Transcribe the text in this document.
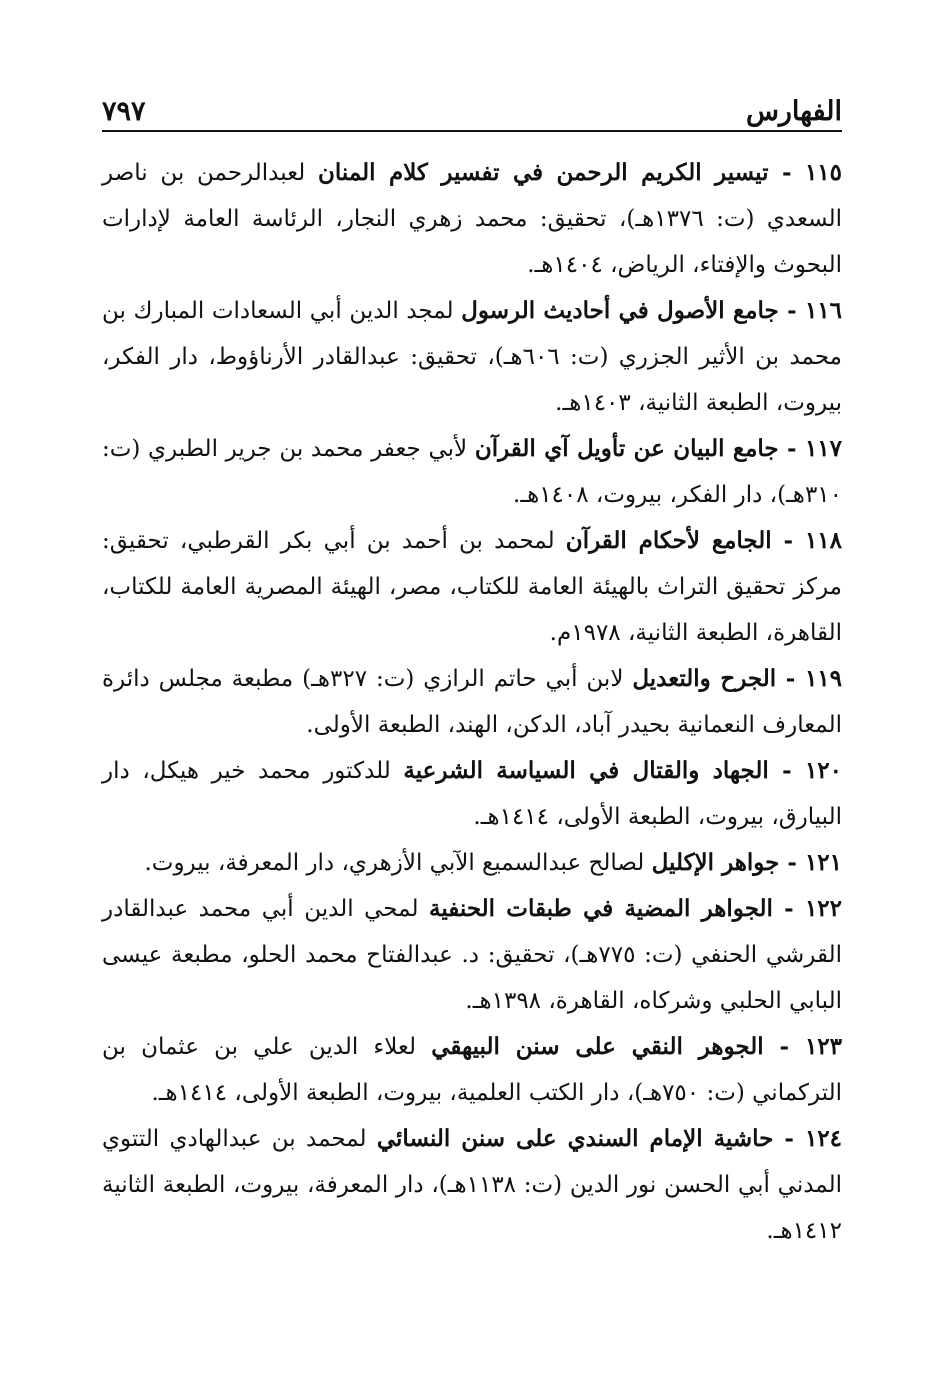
الفهارس
٧٩٧

١١٥ - تيسير الكريم الرحمن في تفسير كلام المنان لعبدالرحمن بن ناصر السعدي (ت: ١٣٧٦هـ)، تحقيق: محمد زهري النجار، الرئاسة العامة لإدارات البحوث والإفتاء، الرياض، ١٤٠٤هـ.

١١٦ - جامع الأصول في أحاديث الرسول لمجد الدين أبي السعادات المبارك بن محمد بن الأثير الجزري (ت: ٦٠٦هـ)، تحقيق: عبدالقادر الأرناؤوط، دار الفكر، بيروت، الطبعة الثانية، ١٤٠٣هـ.

١١٧ - جامع البيان عن تأويل آي القرآن لأبي جعفر محمد بن جرير الطبري (ت: ٣١٠هـ)، دار الفكر، بيروت، ١٤٠٨هـ.

١١٨ - الجامع لأحكام القرآن لمحمد بن أحمد بن أبي بكر القرطبي، تحقيق: مركز تحقيق التراث بالهيئة العامة للكتاب، مصر، الهيئة المصرية العامة للكتاب، القاهرة، الطبعة الثانية، ١٩٧٨م.

١١٩ - الجرح والتعديل لابن أبي حاتم الرازي (ت: ٣٢٧هـ) مطبعة مجلس دائرة المعارف النعمانية بحيدر آباد، الدكن، الهند، الطبعة الأولى.

١٢٠ - الجهاد والقتال في السياسة الشرعية للدكتور محمد خير هيكل، دار البيارق، بيروت، الطبعة الأولى، ١٤١٤هـ.

١٢١ - جواهر الإكليل لصالح عبدالسميع الآبي الأزهري، دار المعرفة، بيروت.

١٢٢ - الجواهر المضية في طبقات الحنفية لمحي الدين أبي محمد عبدالقادر القرشي الحنفي (ت: ٧٧٥هـ)، تحقيق: د. عبدالفتاح محمد الحلو، مطبعة عيسى البابي الحلبي وشركاه، القاهرة، ١٣٩٨هـ.

١٢٣ - الجوهر النقي على سنن البيهقي لعلاء الدين علي بن عثمان بن التركماني (ت: ٧٥٠هـ)، دار الكتب العلمية، بيروت، الطبعة الأولى، ١٤١٤هـ.

١٢٤ - حاشية الإمام السندي على سنن النسائي لمحمد بن عبدالهادي التتوي المدني أبي الحسن نور الدين (ت: ١١٣٨هـ)، دار المعرفة، بيروت، الطبعة الثانية ١٤١٢هـ.
